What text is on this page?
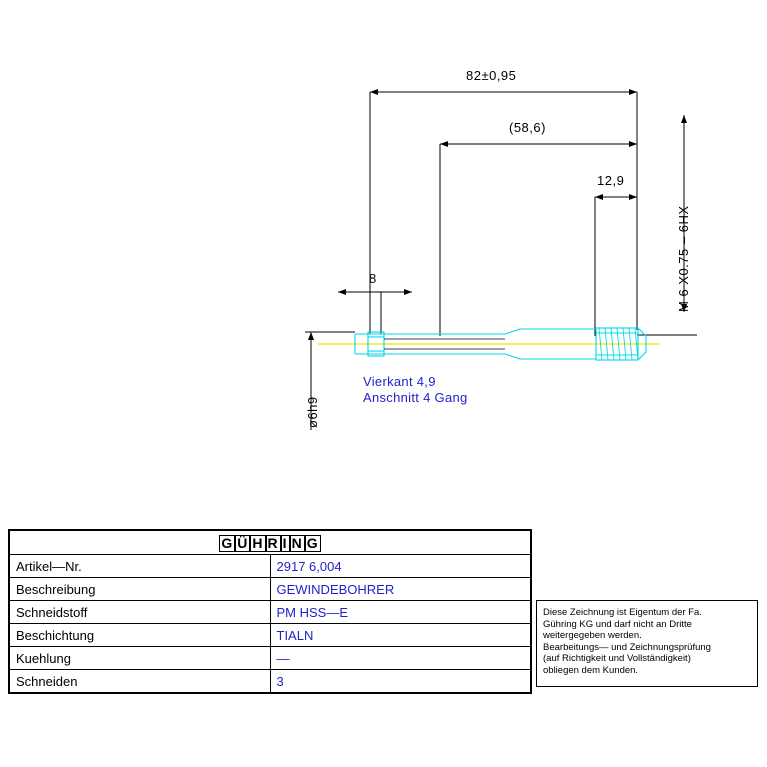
82±0,95
(58,6)
12,9
8
ø6h9
M 6 X0.75 – 6HX
Vierkant 4,9
Anschnitt 4 Gang
G Ü H R I N G	

Artikel—Nr.	2917 6,004
Beschreibung	GEWINDEBOHRER
Schneidstoff	PM HSS—E
Beschichtung	TIALN
Kuehlung	—
Schneiden	3

Diese Zeichnung ist Eigentum der Fa.

Gühring KG und darf nicht an Dritte

weitergegeben werden.

Bearbeitungs— und Zeichnungsprüfung

(auf Richtigkeit und Vollständigkeit)

obliegen dem Kunden.
